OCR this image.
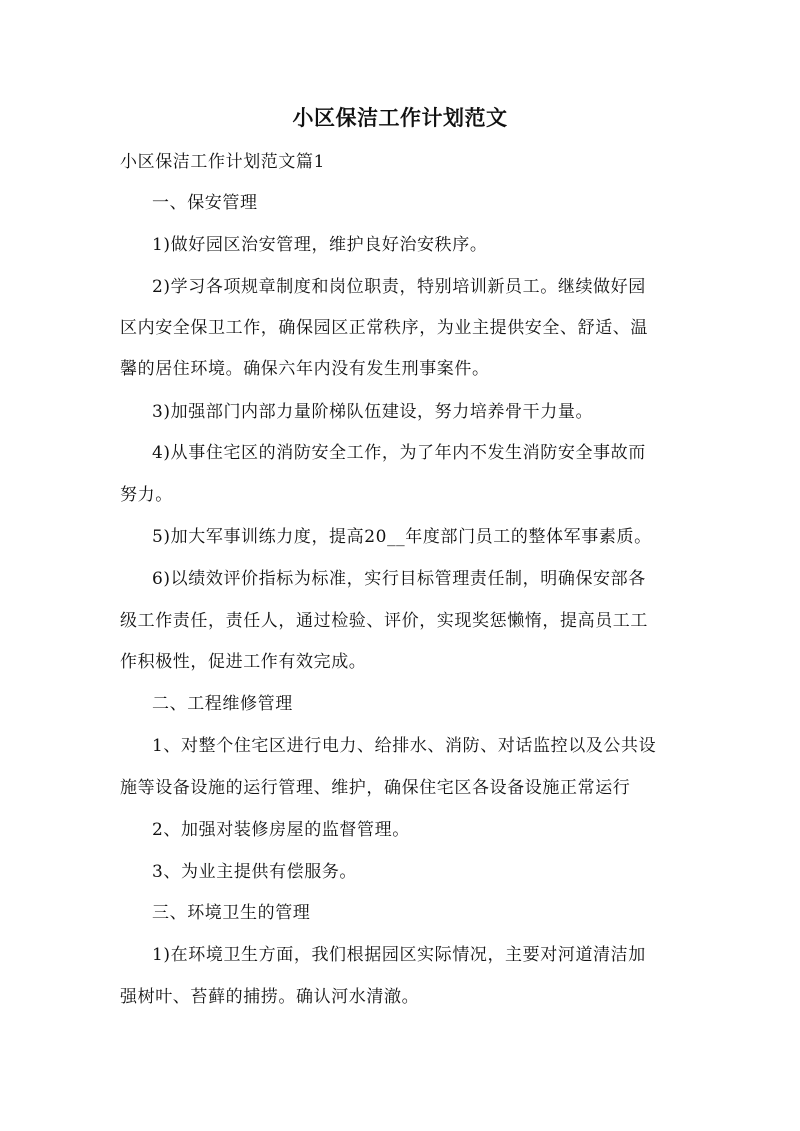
小区保洁工作计划范文
小区保洁工作计划范文篇1
一、保安管理
1)做好园区治安管理，维护良好治安秩序。
2)学习各项规章制度和岗位职责，特别培训新员工。继续做好园
区内安全保卫工作，确保园区正常秩序，为业主提供安全、舒适、温
馨的居住环境。确保六年内没有发生刑事案件。
3)加强部门内部力量阶梯队伍建设，努力培养骨干力量。
4)从事住宅区的消防安全工作，为了年内不发生消防安全事故而
努力。
5)加大军事训练力度，提高20__年度部门员工的整体军事素质。
6)以绩效评价指标为标准，实行目标管理责任制，明确保安部各
级工作责任，责任人，通过检验、评价，实现奖惩懒惰，提高员工工
作积极性，促进工作有效完成。
二、工程维修管理
1、对整个住宅区进行电力、给排水、消防、对话监控以及公共设
施等设备设施的运行管理、维护，确保住宅区各设备设施正常运行
2、加强对装修房屋的监督管理。
3、为业主提供有偿服务。
三、环境卫生的管理
1)在环境卫生方面，我们根据园区实际情况，主要对河道清洁加
强树叶、苔藓的捕捞。确认河水清澈。
